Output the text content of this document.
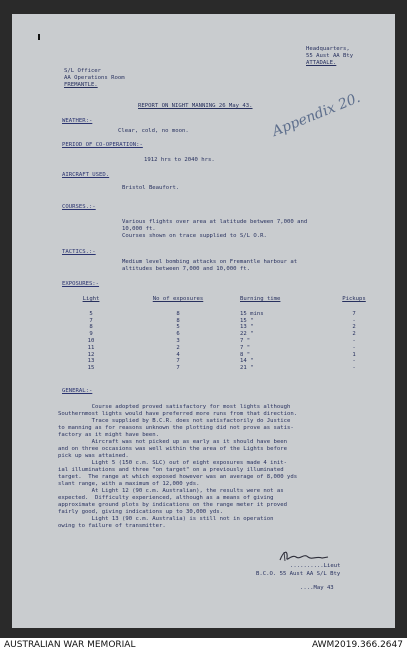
Headquarters,
55 Aust AA Bty
ATTADALE.
S/L Officer
AA Operations Room
FREMANTLE.
REPORT ON NIGHT MANNING 26 May 43.
WEATHER:-
Clear, cold, no moon.
PERIOD OF CO-OPERATION:-
1912 hrs to 2040 hrs.
Appendix 20.
AIRCRAFT USED.
Bristol Beaufort.
COURSES.:-
Various flights over area at latitude between 7,000 and
10,000 ft.
Courses shown on trace supplied to S/L O.R.
TACTICS.:-
Medium level bombing attacks on Fremantle harbour at
altitudes between 7,000 and 10,000 ft.
EXPOSURES:-
Light	No of exposures	Burning time	Pickups

5	8	15 mins	7
7	8	15 "	-
8	5	13 "	2
9	6	22 "	2
10	3	7 "	-
11	2	7 "	-
12	4	8 "	1
13	7	14 "	-
15	7	21 "	-
GENERAL:-
Course adopted proved satisfactory for most lights although
Southernmost lights would have preferred more runs from that direction.
Trace supplied by B.C.R. does not satisfactorily do Justice
to manning as for reasons unknown the plotting did not prove as satis-
factory as it might have been.
Aircraft was not picked up as early as it should have been
and on three occasions was well within the area of the Lights before
pick up was attained.
Light 5 (150 c.m. SLC) out of eight exposures made 4 init-
ial illuminations and three "on target" on a previously illuminated
target.  The range at which exposed however was an average of 8,000 yds
slant range, with a maximum of 12,000 yds.
At Light 12 (90 c.m. Australian), the results were not as
expected.  Difficulty experienced, although as a means of giving
approximate ground plots by indications on the range meter it proved
fairly good, giving indications up to 30,000 yds.
Light 13 (90 c.m. Australia) is still not in operation
owing to failure of transmitter.
..........Lieut
B.C.O. 55 Aust AA S/L Bty
....May 43
AUSTRALIAN WAR MEMORIAL	AWM2019.366.2647
